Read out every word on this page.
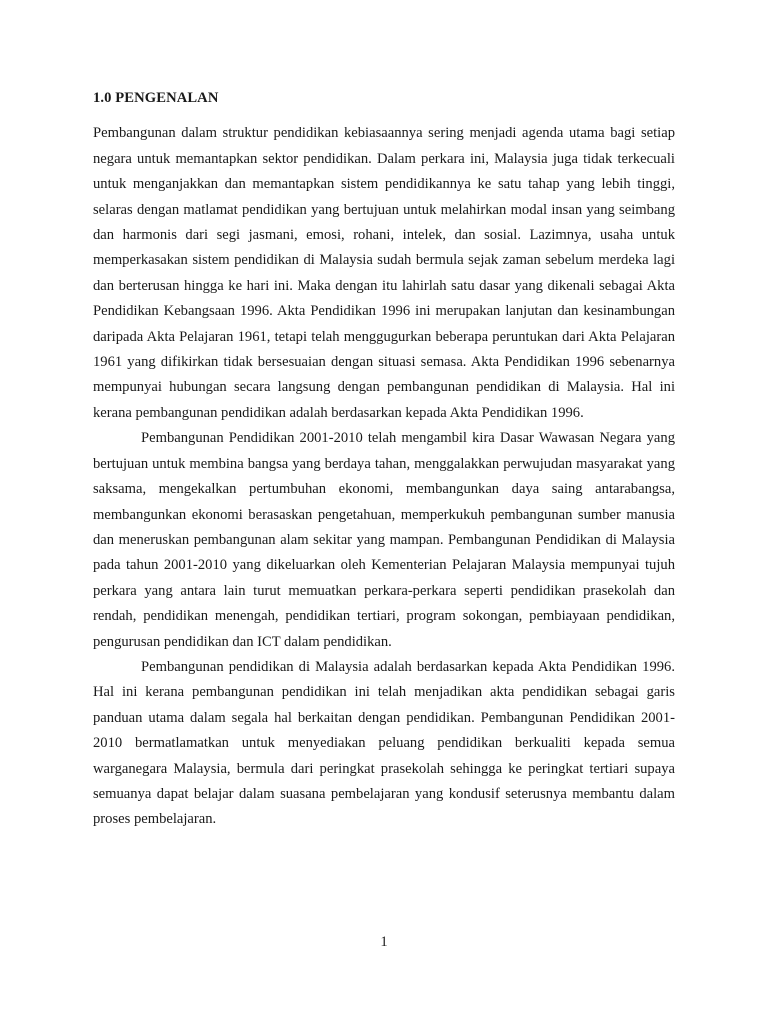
1.0 PENGENALAN

Pembangunan dalam struktur pendidikan kebiasaannya sering menjadi agenda utama bagi setiap negara untuk memantapkan sektor pendidikan. Dalam perkara ini, Malaysia juga tidak terkecuali untuk menganjakkan dan memantapkan sistem pendidikannya ke satu tahap yang lebih tinggi, selaras dengan matlamat pendidikan yang bertujuan untuk melahirkan modal insan yang seimbang dan harmonis dari segi jasmani, emosi, rohani, intelek, dan sosial. Lazimnya, usaha untuk memperkasakan sistem pendidikan di Malaysia sudah bermula sejak zaman sebelum merdeka lagi dan berterusan hingga ke hari ini. Maka dengan itu lahirlah satu dasar yang dikenali sebagai Akta Pendidikan Kebangsaan 1996. Akta Pendidikan 1996 ini merupakan lanjutan dan kesinambungan daripada Akta Pelajaran 1961, tetapi telah menggugurkan beberapa peruntukan dari Akta Pelajaran 1961 yang difikirkan tidak bersesuaian dengan situasi semasa. Akta Pendidikan 1996 sebenarnya mempunyai hubungan secara langsung dengan pembangunan pendidikan di Malaysia. Hal ini kerana pembangunan pendidikan adalah berdasarkan kepada Akta Pendidikan 1996.

Pembangunan Pendidikan 2001-2010 telah mengambil kira Dasar Wawasan Negara yang bertujuan untuk membina bangsa yang berdaya tahan, menggalakkan perwujudan masyarakat yang saksama, mengekalkan pertumbuhan ekonomi, membangunkan daya saing antarabangsa, membangunkan ekonomi berasaskan pengetahuan, memperkukuh pembangunan sumber manusia dan meneruskan pembangunan alam sekitar yang mampan. Pembangunan Pendidikan di Malaysia pada tahun 2001-2010 yang dikeluarkan oleh Kementerian Pelajaran Malaysia mempunyai tujuh perkara yang antara lain turut memuatkan perkara-perkara seperti pendidikan prasekolah dan rendah, pendidikan menengah, pendidikan tertiari, program sokongan, pembiayaan pendidikan, pengurusan pendidikan dan ICT dalam pendidikan.

Pembangunan pendidikan di Malaysia adalah berdasarkan kepada Akta Pendidikan 1996. Hal ini kerana pembangunan pendidikan ini telah menjadikan akta pendidikan sebagai garis panduan utama dalam segala hal berkaitan dengan pendidikan. Pembangunan Pendidikan 2001-2010 bermatlamatkan untuk menyediakan peluang pendidikan berkualiti kepada semua warganegara Malaysia, bermula dari peringkat prasekolah sehingga ke peringkat tertiari supaya semuanya dapat belajar dalam suasana pembelajaran yang kondusif seterusnya membantu dalam proses pembelajaran.

1
